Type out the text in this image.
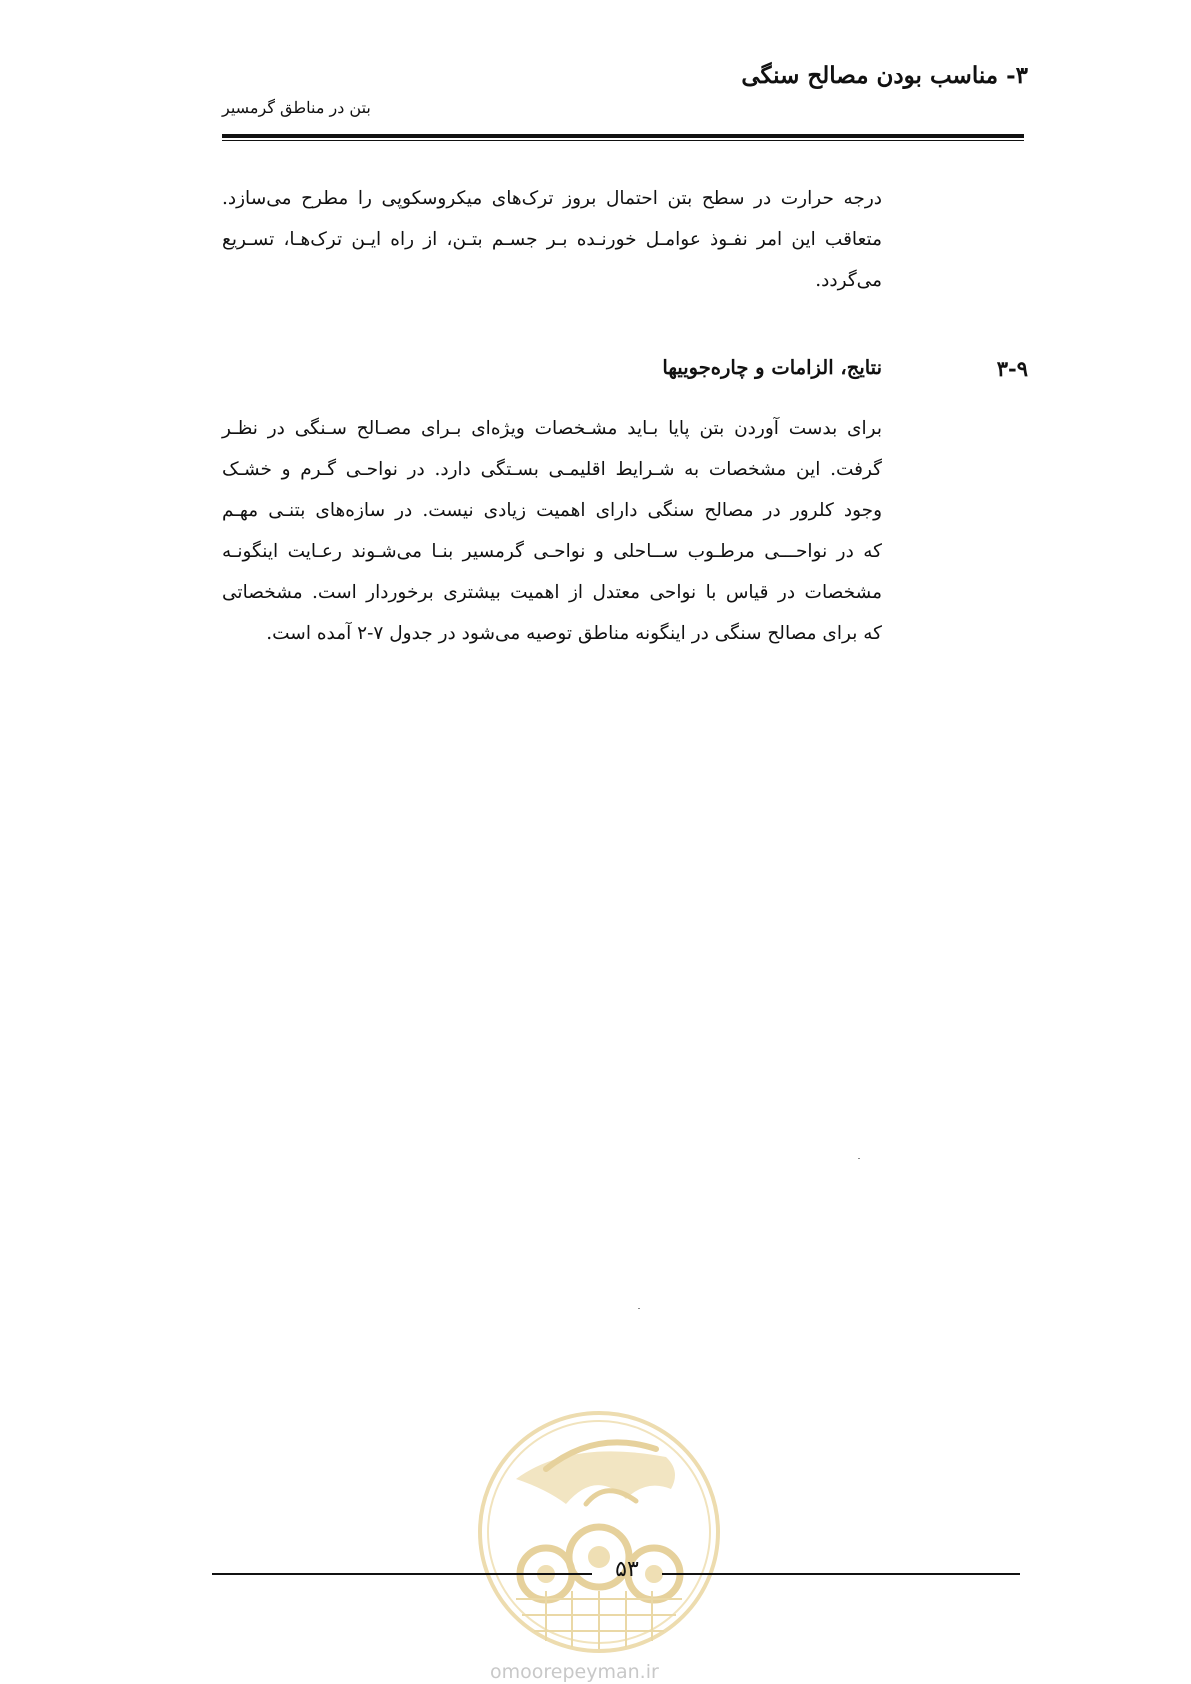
۳- مناسب بودن مصالح سنگی
بتن در مناطق گرمسیر

درجه حرارت در سطح بتن احتمال بروز ترک‌های میکروسکوپی را مطرح می‌سازد.
متعاقب این امر نفـوذ عوامـل خورنـده بـر جسـم بتـن، از راه ایـن ترک‌هـا، تسـریع
می‌گردد.

۳-۹
نتایج، الزامات و چاره‌جوییها

برای بدست آوردن بتن پایا بـاید مشـخصات ویژه‌ای بـرای مصـالح سـنگی در نظـر
گرفت. این مشخصات به شـرایط اقلیمـی بسـتگی دارد. در نواحـی گـرم و خشـک
وجود کلرور در مصالح سنگی دارای اهمیت زیادی نیست. در سازه‌های بتنـی مهـم
که در نواحـــی مرطـوب ســاحلی و نواحـی گرمسیر بنـا می‌شـوند رعـایت اینگونـه
مشخصات در قیاس با نواحی معتدل از اهمیت بیشتری برخوردار است. مشخصاتی
که برای مصالح سنگی در اینگونه مناطق توصیه می‌شود در جدول ۷-۲ آمده است.

۵۳
omoorepeyman.ir
